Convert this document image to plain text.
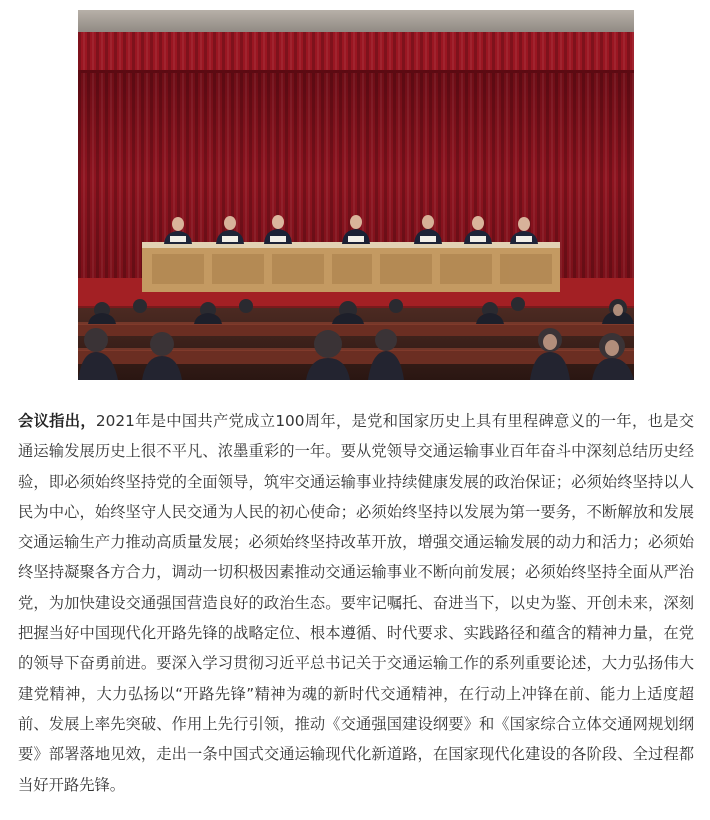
会议指出，2021年是中国共产党成立100周年，是党和国家历史上具有里程碑意义的一年，也是交通运输发展历史上很不平凡、浓墨重彩的一年。要从党领导交通运输事业百年奋斗中深刻总结历史经验，即必须始终坚持党的全面领导，筑牢交通运输事业持续健康发展的政治保证；必须始终坚持以人民为中心，始终坚守人民交通为人民的初心使命；必须始终坚持以发展为第一要务，不断解放和发展交通运输生产力推动高质量发展；必须始终坚持改革开放，增强交通运输发展的动力和活力；必须始终坚持凝聚各方合力，调动一切积极因素推动交通运输事业不断向前发展；必须始终坚持全面从严治党，为加快建设交通强国营造良好的政治生态。要牢记嘱托、奋进当下，以史为鉴、开创未来，深刻把握当好中国现代化开路先锋的战略定位、根本遵循、时代要求、实践路径和蕴含的精神力量，在党的领导下奋勇前进。要深入学习贯彻习近平总书记关于交通运输工作的系列重要论述，大力弘扬伟大建党精神，大力弘扬以“开路先锋”精神为魂的新时代交通精神，在行动上冲锋在前、能力上适度超前、发展上率先突破、作用上先行引领，推动《交通强国建设纲要》和《国家综合立体交通网规划纲要》部署落地见效，走出一条中国式交通运输现代化新道路，在国家现代化建设的各阶段、全过程都当好开路先锋。
